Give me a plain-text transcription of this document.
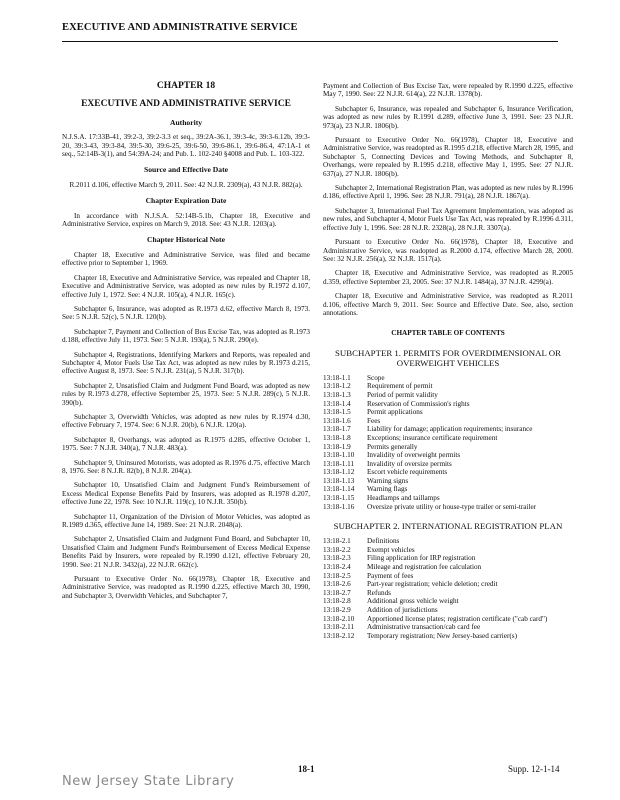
EXECUTIVE AND ADMINISTRATIVE SERVICE
CHAPTER 18
EXECUTIVE AND ADMINISTRATIVE SERVICE
Authority

N.J.S.A. 17:33B-41, 39:2-3, 39:2-3.3 et seq., 39:2A-36.1, 39:3-4c, 39:3-6.12b, 39:3-20, 39:3-43, 39:3-84, 39:5-30, 39:6-25, 39:6-50, 39:6-86.1, 39:6-86.4, 47:1A-1 et seq., 52:14B-3(1), and 54:39A-24; and Pub. L. 102-240 §4008 and Pub. L. 103-322.

Source and Effective Date

R.2011 d.106, effective March 9, 2011. See: 42 N.J.R. 2309(a), 43 N.J.R. 882(a).

Chapter Expiration Date

In accordance with N.J.S.A. 52:14B-5.1b, Chapter 18, Executive and Administrative Service, expires on March 9, 2018. See: 43 N.J.R. 1203(a).

Chapter Historical Note

Chapter 18, Executive and Administrative Service, was filed and became effective prior to September 1, 1969.

Chapter 18, Executive and Administrative Service, was repealed and Chapter 18, Executive and Administrative Service, was adopted as new rules by R.1972 d.107, effective July 1, 1972. See: 4 N.J.R. 105(a), 4 N.J.R. 165(c).

Subchapter 6, Insurance, was adopted as R.1973 d.62, effective March 8, 1973. See: 5 N.J.R. 52(c), 5 N.J.R. 120(b).

Subchapter 7, Payment and Collection of Bus Excise Tax, was adopted as R.1973 d.188, effective July 11, 1973. See: 5 N.J.R. 193(a), 5 N.J.R. 290(e).

Subchapter 4, Registrations, Identifying Markers and Reports, was repealed and Subchapter 4, Motor Fuels Use Tax Act, was adopted as new rules by R.1973 d.215, effective August 8, 1973. See: 5 N.J.R. 231(a), 5 N.J.R. 317(b).

Subchapter 2, Unsatisfied Claim and Judgment Fund Board, was adopted as new rules by R.1973 d.278, effective September 25, 1973. See: 5 N.J.R. 289(c), 5 N.J.R. 390(b).

Subchapter 3, Overwidth Vehicles, was adopted as new rules by R.1974 d.30, effective February 7, 1974. See: 6 N.J.R. 20(b), 6 N.J.R. 120(a).

Subchapter 8, Overhangs, was adopted as R.1975 d.285, effective October 1, 1975. See: 7 N.J.R. 340(a), 7 N.J.R. 483(a).

Subchapter 9, Uninsured Motorists, was adopted as R.1976 d.75, effective March 8, 1976. See: 8 N.J.R. 82(b), 8 N.J.R. 204(a).

Subchapter 10, Unsatisfied Claim and Judgment Fund's Reimbursement of Excess Medical Expense Benefits Paid by Insurers, was adopted as R.1978 d.207, effective June 22, 1978. See: 10 N.J.R. 119(c), 10 N.J.R. 350(b).

Subchapter 11, Organization of the Division of Motor Vehicles, was adopted as R.1989 d.365, effective June 14, 1989. See: 21 N.J.R. 2048(a).

Subchapter 2, Unsatisfied Claim and Judgment Fund Board, and Subchapter 10, Unsatisfied Claim and Judgment Fund's Reimbursement of Excess Medical Expense Benefits Paid by Insurers, were repealed by R.1990 d.121, effective February 20, 1990. See: 21 N.J.R. 3432(a), 22 N.J.R. 662(c).

Pursuant to Executive Order No. 66(1978), Chapter 18, Executive and Administrative Service, was readopted as R.1990 d.225, effective March 30, 1990, and Subchapter 3, Overwidth Vehicles, and Subchapter 7,

Payment and Collection of Bus Excise Tax, were repealed by R.1990 d.225, effective May 7, 1990. See: 22 N.J.R. 614(a), 22 N.J.R. 1378(b).

Subchapter 6, Insurance, was repealed and Subchapter 6, Insurance Verification, was adopted as new rules by R.1991 d.289, effective June 3, 1991. See: 23 N.J.R. 973(a), 23 N.J.R. 1806(b).

Pursuant to Executive Order No. 66(1978), Chapter 18, Executive and Administrative Service, was readopted as R.1995 d.218, effective March 28, 1995, and Subchapter 5, Connecting Devices and Towing Methods, and Subchapter 8, Overhangs, were repealed by R.1995 d.218, effective May 1, 1995. See: 27 N.J.R. 637(a), 27 N.J.R. 1806(b).

Subchapter 2, International Registration Plan, was adopted as new rules by R.1996 d.186, effective April 1, 1996. See: 28 N.J.R. 791(a), 28 N.J.R. 1867(a).

Subchapter 3, International Fuel Tax Agreement Implementation, was adopted as new rules, and Subchapter 4, Motor Fuels Use Tax Act, was repealed by R.1996 d.311, effective July 1, 1996. See: 28 N.J.R. 2328(a), 28 N.J.R. 3307(a).

Pursuant to Executive Order No. 66(1978), Chapter 18, Executive and Administrative Service, was readopted as R.2000 d.174, effective March 28, 2000. See: 32 N.J.R. 256(a), 32 N.J.R. 1517(a).

Chapter 18, Executive and Administrative Service, was readopted as R.2005 d.359, effective September 23, 2005. See: 37 N.J.R. 1484(a), 37 N.J.R. 4299(a).

Chapter 18, Executive and Administrative Service, was readopted as R.2011 d.106, effective March 9, 2011. See: Source and Effective Date. See, also, section annotations.

CHAPTER TABLE OF CONTENTS
SUBCHAPTER 1. PERMITS FOR OVERDIMENSIONAL OR OVERWEIGHT VEHICLES
13:18-1.1	Scope
13:18-1.2	Requirement of permit
13:18-1.3	Period of permit validity
13:18-1.4	Reservation of Commission's rights
13:18-1.5	Permit applications
13:18-1.6	Fees
13:18-1.7	Liability for damage; application requirements; insurance
13:18-1.8	Exceptions; insurance certificate requirement
13:18-1.9	Permits generally
13:18-1.10	Invalidity of overweight permits
13:18-1.11	Invalidity of oversize permits
13:18-1.12	Escort vehicle requirements
13:18-1.13	Warning signs
13:18-1.14	Warning flags
13:18-1.15	Headlamps and taillamps
13:18-1.16	Oversize private utility or house-type trailer or semi-trailer
SUBCHAPTER 2. INTERNATIONAL REGISTRATION PLAN
13:18-2.1	Definitions
13:18-2.2	Exempt vehicles
13:18-2.3	Filing application for IRP registration
13:18-2.4	Mileage and registration fee calculation
13:18-2.5	Payment of fees
13:18-2.6	Part-year registration; vehicle deletion; credit
13:18-2.7	Refunds
13:18-2.8	Additional gross vehicle weight
13:18-2.9	Addition of jurisdictions
13:18-2.10	Apportioned license plates; registration certificate ("cab card")
13:18-2.11	Administrative transaction/cab card fee
13:18-2.12	Temporary registration; New Jersey-based carrier(s)
18-1	Supp. 12-1-14
New Jersey State Library
